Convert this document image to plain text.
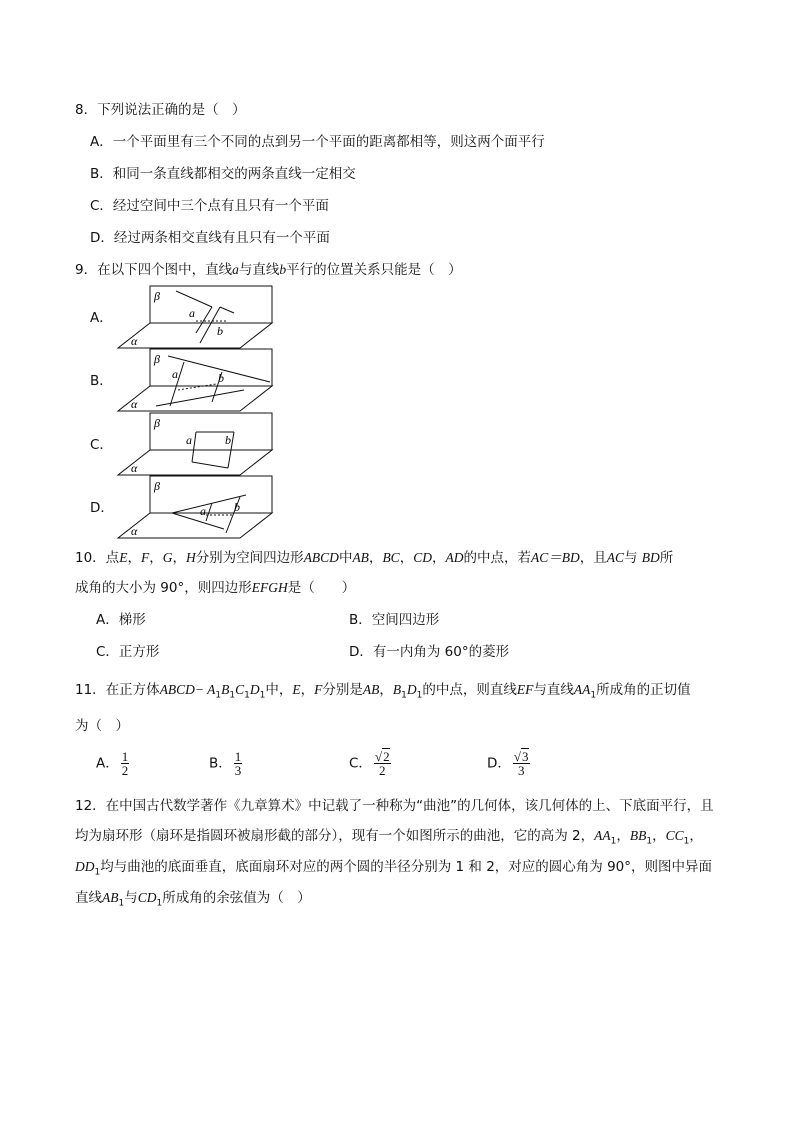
8．下列说法正确的是（　）
A．一个平面里有三个不同的点到另一个平面的距离都相等，则这两个面平行
B．和同一条直线都相交的两条直线一定相交
C．经过空间中三个点有且只有一个平面
D．经过两条相交直线有且只有一个平面
9．在以下四个图中，直线a与直线b平行的位置关系只能是（　）
A．
β
α
a
b
B．
β
α
a	b
C．
β
α
a	b
D．
β
α
a b
10．点E，F，G，H分别为空间四边形ABCD中AB，BC，CD，AD的中点，若AC＝BD，且AC与 BD所
成角的大小为 90°，则四边形EFGH是（　　）
A．梯形	B．空间四边形
C．正方形	D．有一内角为 60°的菱形
11．在正方体ABCD− $A_1B_1C_1D_1$中，E，F分别是AB，$B_1D_1$的中点，则直线EF与直线$AA_1$所成角的正切值
为（　）
A． $\frac{1}{2}$	B． $\frac{1}{3}$	C． $\frac{√2}{2}$	D． $\frac{√3}{3}$
12．在中国古代数学著作《九章算术》中记载了一种称为“曲池”的几何体，该几何体的上、下底面平行，且
均为扇环形（扇环是指圆环被扇形截的部分），现有一个如图所示的曲池，它的高为 2，$AA_1$，$BB_1$，$CC_1$，
$DD_1$均与曲池的底面垂直，底面扇环对应的两个圆的半径分别为 1 和 2，对应的圆心角为 90°，则图中异面
直线$AB_1$与$CD_1$所成角的余弦值为（　）
